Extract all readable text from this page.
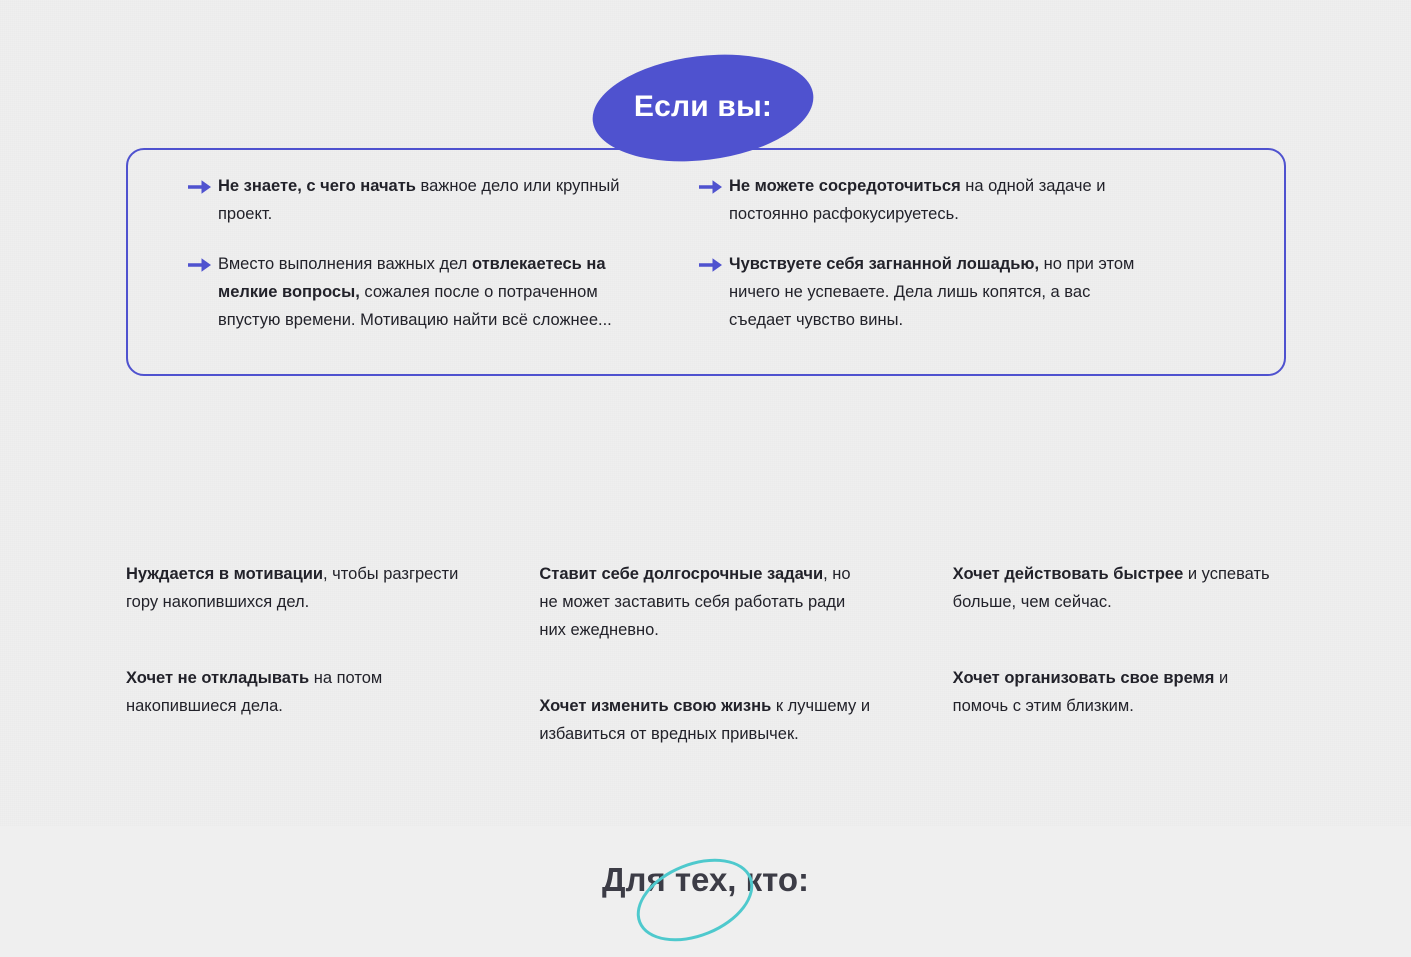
Если вы:
Не знаете, с чего начать важное дело или крупный проект.
Вместо выполнения важных дел отвлекаетесь на мелкие вопросы, сожалея после о потраченном впустую времени. Мотивацию найти всё сложнее...
Не можете сосредоточиться на одной задаче и постоянно расфокусируетесь.
Чувствуете себя загнанной лошадью, но при этом ничего не успеваете. Дела лишь копятся, а вас съедает чувство вины.
Для тех, кто:
Нуждается в мотивации, чтобы разгрести гору накопившихся дел.
Хочет не откладывать на потом накопившиеся дела.
Ставит себе долгосрочные задачи, но не может заставить себя работать ради них ежедневно.
Хочет изменить свою жизнь к лучшему и избавиться от вредных привычек.
Хочет действовать быстрее и успевать больше, чем сейчас.
Хочет организовать свое время и помочь с этим близким.
